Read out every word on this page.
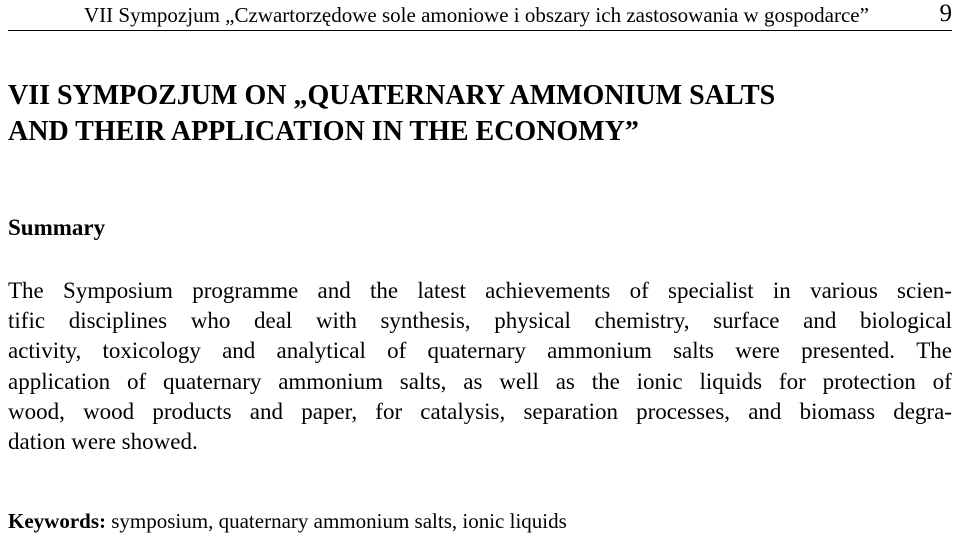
VII Sympozjum „Czwartorzędowe sole amoniowe i obszary ich zastosowania w gospodarce”	9
VII SYMPOZJUM ON „QUATERNARY AMMONIUM SALTS
AND THEIR APPLICATION IN THE ECONOMY”
Summary
The Symposium programme and the latest achievements of specialist in various scien-
tific disciplines who deal with synthesis, physical chemistry, surface and biological
activity, toxicology and analytical of quaternary ammonium salts were presented. The
application of quaternary ammonium salts, as well as the ionic liquids for protection of
wood, wood products and paper, for catalysis, separation processes, and biomass degra-
dation were showed.
Keywords: symposium, quaternary ammonium salts, ionic liquids
